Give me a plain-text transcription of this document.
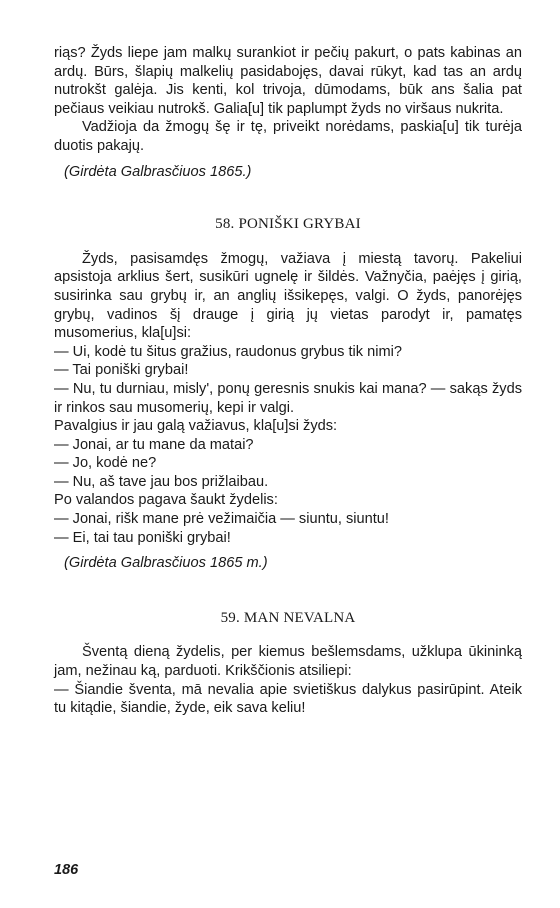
riąs? Žyds liepe jam malkų surankiot ir pečių pakurt, o pats kabinas an ardų. Būrs, šlapių malkelių pasidabojęs, davai rūkyt, kad tas an ardų nutrokšt galėja. Jis kenti, kol trivoja, dūmodams, būk ans šalia pat pečiaus veikiau nutrokš. Galia[u] tik paplumpt žyds no viršaus nukrita.

Vadžioja da žmogų šę ir tę, priveikt norėdams, paskia[u] tik turėja duotis pakajų.

(Girdėta Galbrasčiuos 1865.)

58. PONIŠKI GRYBAI

Žyds, pasisamdęs žmogų, važiava į miestą tavorų. Pakeliui apsistoja arklius šert, susikūri ugnelę ir šildės. Važnyčia, paėjęs į girią, susirinka sau grybų ir, an anglių išsikepęs, valgi. O žyds, panorėjęs grybų, vadinos šį drauge į girią jų vietas parodyt ir, pamatęs musomerius, kla[u]si:

— Ui, kodė tu šitus gražius, raudonus grybus tik nimi?

— Tai poniški grybai!

— Nu, tu durniau, misly', ponų geresnis snukis kai mana? — sakąs žyds ir rinkos sau musomerių, kepi ir valgi.

Pavalgius ir jau galą važiavus, kla[u]si žyds:

— Jonai, ar tu mane da matai?

— Jo, kodė ne?

— Nu, aš tave jau bos prižlaibau.

Po valandos pagava šaukt žydelis:

— Jonai, rišk mane prė vežimaičia — siuntu, siuntu!

— Ei, tai tau poniški grybai!

(Girdėta Galbrasčiuos 1865 m.)

59. MAN NEVALNA

Šventą dieną žydelis, per kiemus bešlemsdams, užklupa ūkininką jam, nežinau ką, parduoti. Krikščionis atsiliepi:

— Šiandie šventa, mā nevalia apie svietiškus dalykus pasirūpint. Ateik tu kitądie, šiandie, žyde, eik sava keliu!

186
